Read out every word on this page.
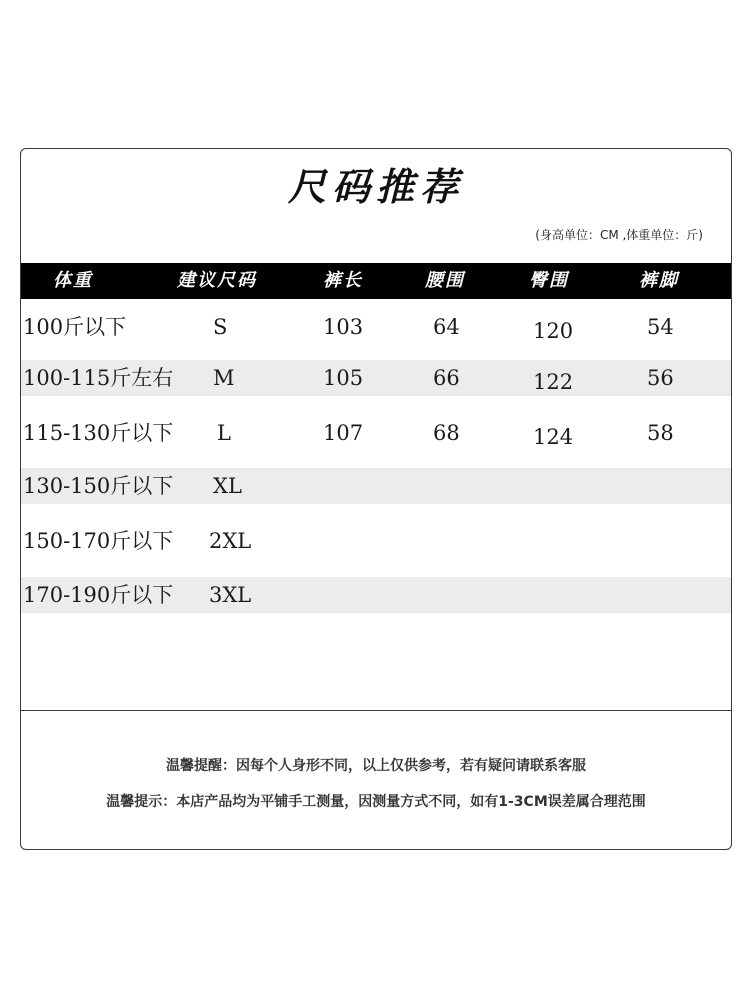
尺码推荐
(身高单位：CM ,体重单位：斤)
体重	建议尺码	裤长	腰围	臀围	裤脚
100斤以下	S	103	64	120	54
100-115斤左右 M	105	66	122	56
115-130斤以下 L	107	68	124	58
130-150斤以下 XL
150-170斤以下 2XL
170-190斤以下 3XL
温馨提醒：因每个人身形不同，以上仅供参考，若有疑问请联系客服
温馨提示：本店产品均为平铺手工测量，因测量方式不同，如有1-3CM误差属合理范围
